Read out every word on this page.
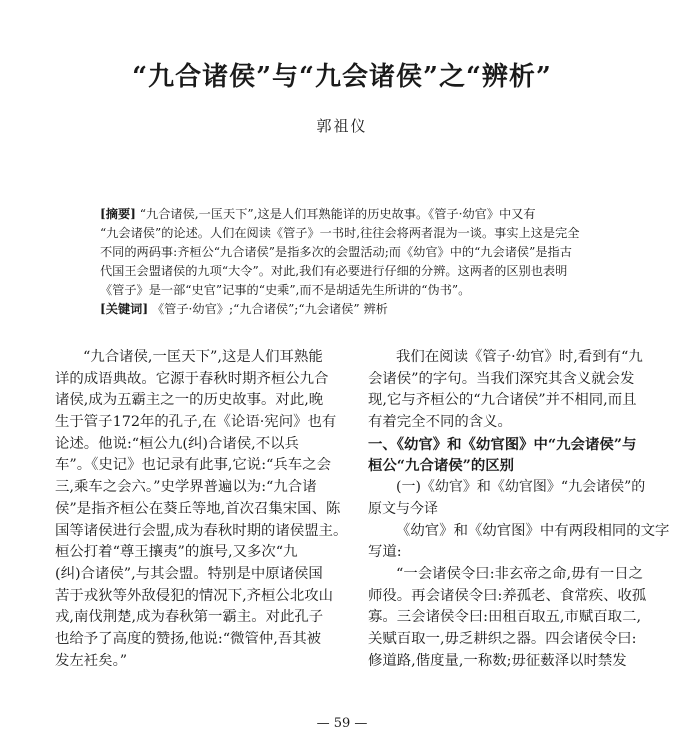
“九合诸侯”与“九会诸侯”之“辨析”
郭祖仪
[摘要] “九合诸侯,一匡天下”,这是人们耳熟能详的历史故事。《管子·幼官》中又有
“九会诸侯”的论述。人们在阅读《管子》一书时,往往会将两者混为一谈。事实上这是完全
不同的两码事:齐桓公“九合诸侯”是指多次的会盟活动;而《幼官》中的“九会诸侯”是指古
代国王会盟诸侯的九项“大令”。对此,我们有必要进行仔细的分辨。这两者的区别也表明
《管子》是一部“史官”记事的“史乘”,而不是胡适先生所讲的“伪书”。
[关键词] 《管子·幼官》;“九合诸侯”;“九会诸侯” 辨析
“九合诸侯,一匡天下”,这是人们耳熟能
详的成语典故。它源于春秋时期齐桓公九合
诸侯,成为五霸主之一的历史故事。对此,晚
生于管子172年的孔子,在《论语·宪问》也有
论述。他说:“桓公九(纠)合诸侯,不以兵
车”。《史记》也记录有此事,它说:“兵车之会
三,乘车之会六。”史学界普遍以为:“九合诸
侯”是指齐桓公在葵丘等地,首次召集宋国、陈
国等诸侯进行会盟,成为春秋时期的诸侯盟主。
桓公打着“尊王攘夷”的旗号,又多次“九
(纠)合诸侯”,与其会盟。特别是中原诸侯国
苦于戎狄等外敌侵犯的情况下,齐桓公北攻山
戎,南伐荆楚,成为春秋第一霸主。对此孔子
也给予了高度的赞扬,他说:“微管仲,吾其被
发左衽矣。”
我们在阅读《管子·幼官》时,看到有“九
会诸侯”的字句。当我们深究其含义就会发
现,它与齐桓公的“九合诸侯”并不相同,而且
有着完全不同的含义。
一、《幼官》和《幼官图》中“九会诸侯”与
桓公“九合诸侯”的区别
(一)《幼官》和《幼官图》“九会诸侯”的
原文与今译
《幼官》和《幼官图》中有两段相同的文字
写道:
“一会诸侯令曰:非玄帝之命,毋有一日之
师役。再会诸侯令曰:养孤老、食常疾、收孤
寡。三会诸侯令曰:田租百取五,市赋百取二,
关赋百取一,毋乏耕织之器。四会诸侯令曰:
修道路,偕度量,一称数;毋征薮泽以时禁发
— 59 —
